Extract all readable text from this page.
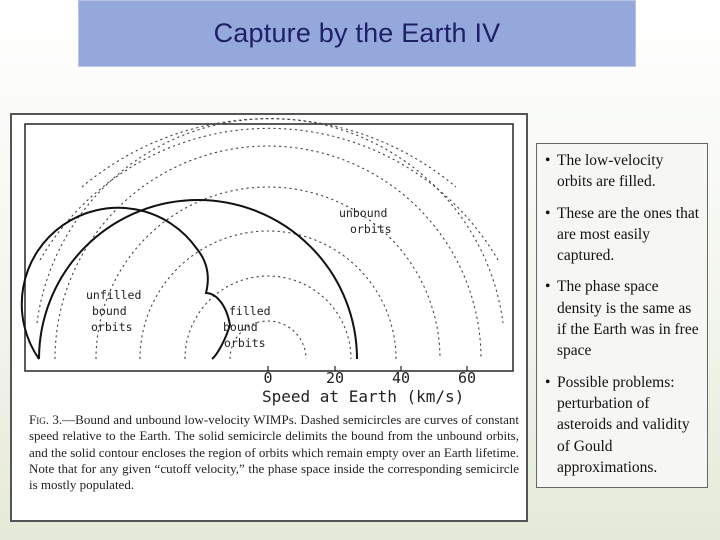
Capture by the Earth IV
unbound
orbits
unfilled
bound
orbits
filled
bound
orbits
0	20	40	60
Speed at Earth (km/s)
Fig. 3.—Bound and unbound low-velocity WIMPs. Dashed semicircles are curves of constant speed relative to the Earth. The solid semicircle delimits the bound from the unbound orbits, and the solid contour encloses the region of orbits which remain empty over an Earth lifetime. Note that for any given “cutoff velocity,” the phase space inside the corresponding semicircle is mostly populated.
• The low-velocity orbits are filled.
• These are the ones that are most easily captured.
• The phase space density is the same as if the Earth was in free space
• Possible problems: perturbation of asteroids and validity of Gould approximations.
